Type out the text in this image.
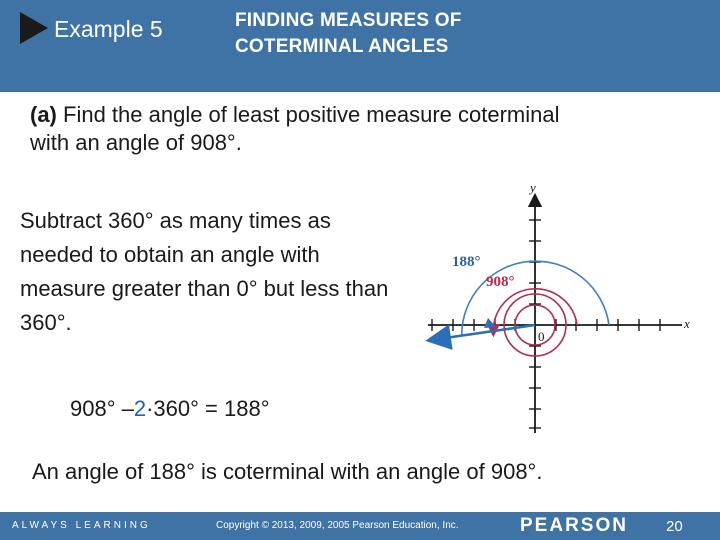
Example 5	FINDING MEASURES OF
COTERMINAL ANGLES
(a) Find the angle of least positive measure coterminal with an angle of 908°.
Subtract 360° as many times as needed to obtain an angle with measure greater than 0° but less than 360°.
908° –2·360° = 188°
An angle of 188° is coterminal with an angle of 908°.
y
x
0
188°
908°
ALWAYS LEARNING	Copyright © 2013, 2009, 2005 Pearson Education, Inc.	PEARSON	20
